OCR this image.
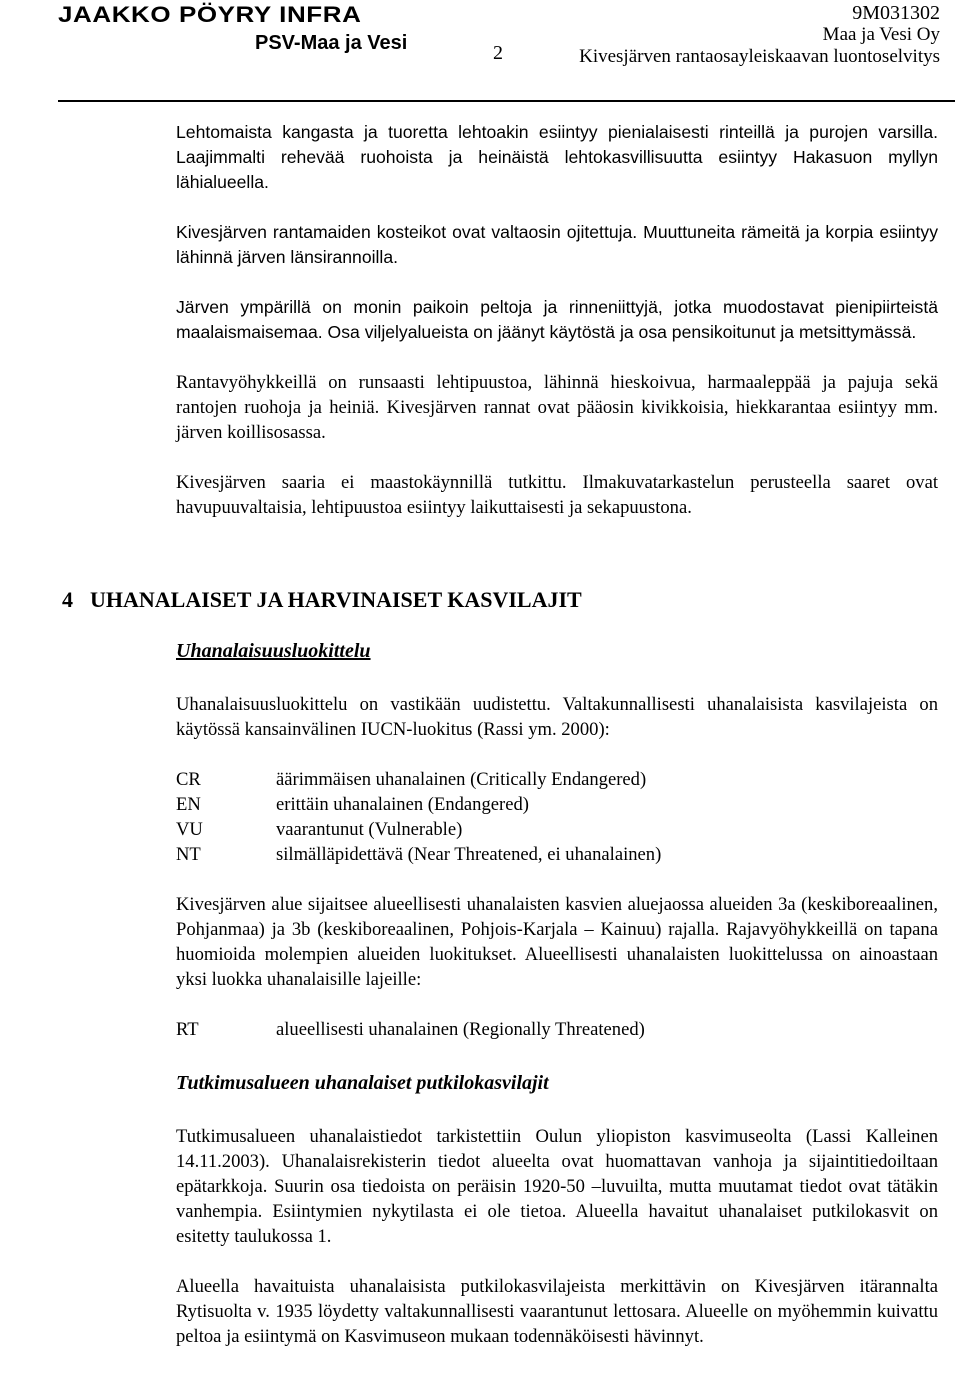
JAAKKO PÖYRY INFRA
PSV-Maa ja Vesi
9M031302
Maa ja Vesi Oy
Kivesjärven rantaosayleiskaavan luontoselvitys
2

Lehtomaista kangasta ja tuoretta lehtoakin esiintyy pienialaisesti rinteillä ja purojen varsilla. Laajimmalti rehevää ruohoista ja heinäistä lehtokasvillisuutta esiintyy Hakasuon myllyn lähialueella.

Kivesjärven rantamaiden kosteikot ovat valtaosin ojitettuja. Muuttuneita rämeitä ja korpia esiintyy lähinnä järven länsirannoilla.

Järven ympärillä on monin paikoin peltoja ja rinneniittyjä, jotka muodostavat pienipiirteistä maalaismaisemaa. Osa viljelyalueista on jäänyt käytöstä ja osa pensikoitunut ja metsittymässä.

Rantavyöhykkeillä on runsaasti lehtipuustoa, lähinnä hieskoivua, harmaaleppää ja pajuja sekä rantojen ruohoja ja heiniä. Kivesjärven rannat ovat pääosin kivikkoisia, hiekkarantaa esiintyy mm. järven koillisosassa.

Kivesjärven saaria ei maastokäynnillä tutkittu. Ilmakuvatarkastelun perusteella saaret ovat havupuuvaltaisia, lehtipuustoa esiintyy laikuttaisesti ja sekapuustona.

4 UHANALAISET JA HARVINAISET KASVILAJIT

Uhanalaisuusluokittelu

Uhanalaisuusluokittelu on vastikään uudistettu. Valtakunnallisesti uhanalaisista kasvilajeista on käytössä kansainvälinen IUCN-luokitus (Rassi ym. 2000):

CR	äärimmäisen uhanalainen (Critically Endangered)
EN	erittäin uhanalainen (Endangered)
VU	vaarantunut (Vulnerable)
NT	silmälläpidettävä (Near Threatened, ei uhanalainen)

Kivesjärven alue sijaitsee alueellisesti uhanalaisten kasvien aluejaossa alueiden 3a (keskiboreaalinen, Pohjanmaa) ja 3b (keskiboreaalinen, Pohjois-Karjala – Kainuu) rajalla. Rajavyöhykkeillä on tapana huomioida molempien alueiden luokitukset. Alueellisesti uhanalaisten luokittelussa on ainoastaan yksi luokka uhanalaisille lajeille:

RT	alueellisesti uhanalainen (Regionally Threatened)

Tutkimusalueen uhanalaiset putkilokasvilajit

Tutkimusalueen uhanalaistiedot tarkistettiin Oulun yliopiston kasvimuseolta (Lassi Kalleinen 14.11.2003). Uhanalaisrekisterin tiedot alueelta ovat huomattavan vanhoja ja sijaintitiedoiltaan epätarkkoja. Suurin osa tiedoista on peräisin 1920-50 –luvuilta, mutta muutamat tiedot ovat tätäkin vanhempia. Esiintymien nykytilasta ei ole tietoa. Alueella havaitut uhanalaiset putkilokasvit on esitetty taulukossa 1.

Alueella havaituista uhanalaisista putkilokasvilajeista merkittävin on Kivesjärven itärannalta Rytisuolta v. 1935 löydetty valtakunnallisesti vaarantunut lettosara. Alueelle on myöhemmin kuivattu peltoa ja esiintymä on Kasvimuseon mukaan todennäköisesti hävinnyt.
